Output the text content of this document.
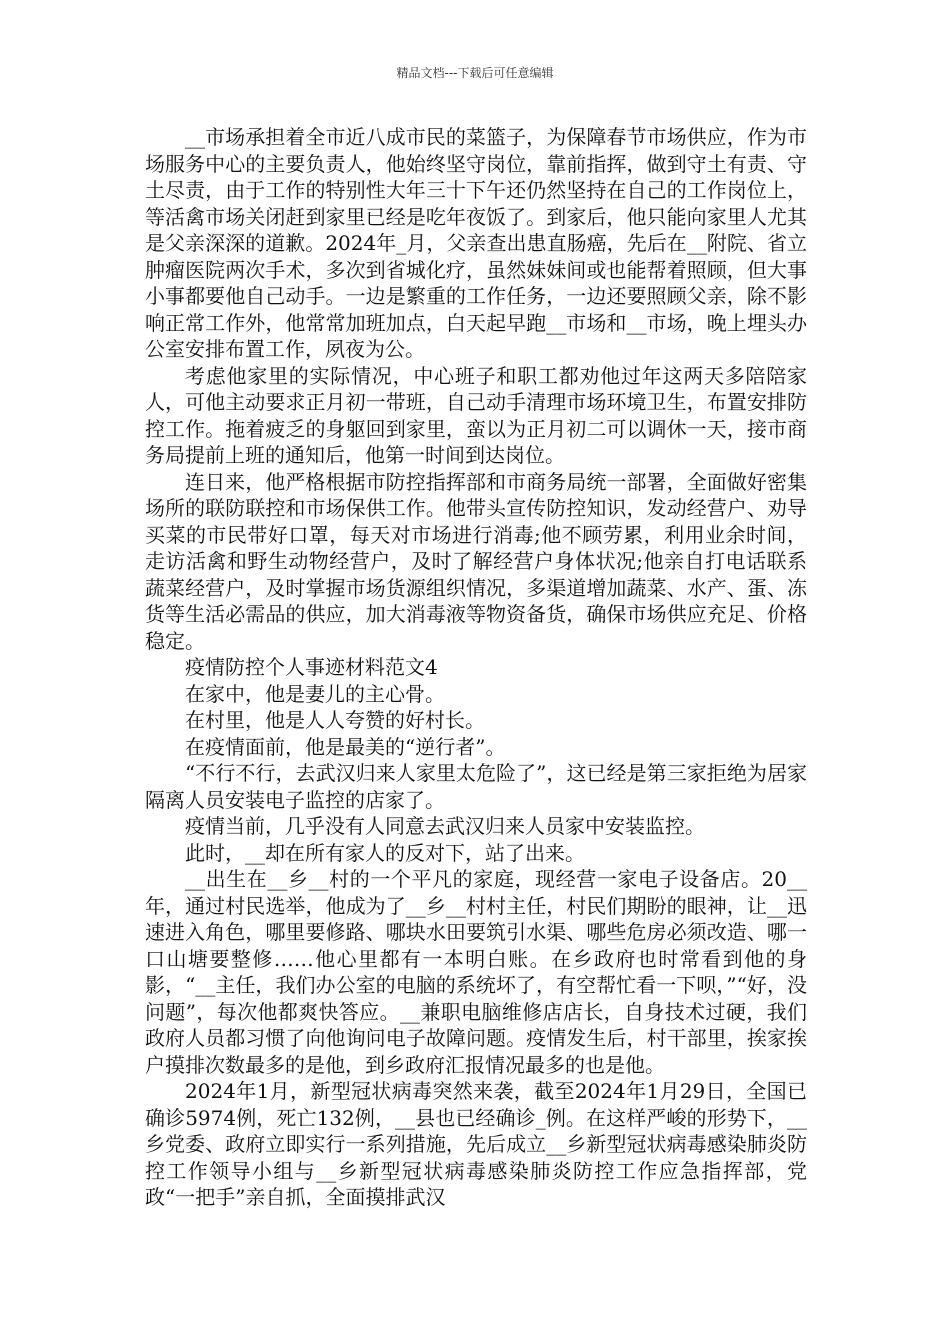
精品文档---下载后可任意编辑

__市场承担着全市近八成市民的菜篮子，为保障春节市场供应，作为市场服务中心的主要负责人，他始终坚守岗位，靠前指挥，做到守土有责、守土尽责，由于工作的特别性大年三十下午还仍然坚持在自己的工作岗位上，等活禽市场关闭赶到家里已经是吃年夜饭了。到家后，他只能向家里人尤其是父亲深深的道歉。2024年_月，父亲查出患直肠癌，先后在__附院、省立肿瘤医院两次手术，多次到省城化疗，虽然妹妹间或也能帮着照顾，但大事小事都要他自己动手。一边是繁重的工作任务，一边还要照顾父亲，除不影响正常工作外，他常常加班加点，白天起早跑__市场和__市场，晚上埋头办公室安排布置工作，夙夜为公。

考虑他家里的实际情况，中心班子和职工都劝他过年这两天多陪陪家人，可他主动要求正月初一带班，自己动手清理市场环境卫生，布置安排防控工作。拖着疲乏的身躯回到家里，蛮以为正月初二可以调休一天，接市商务局提前上班的通知后，他第一时间到达岗位。

连日来，他严格根据市防控指挥部和市商务局统一部署，全面做好密集场所的联防联控和市场保供工作。他带头宣传防控知识，发动经营户、劝导买菜的市民带好口罩，每天对市场进行消毒;他不顾劳累，利用业余时间，走访活禽和野生动物经营户，及时了解经营户身体状况;他亲自打电话联系蔬菜经营户，及时掌握市场货源组织情况，多渠道增加蔬菜、水产、蛋、冻货等生活必需品的供应，加大消毒液等物资备货，确保市场供应充足、价格稳定。

疫情防控个人事迹材料范文4

在家中，他是妻儿的主心骨。

在村里，他是人人夸赞的好村长。

在疫情面前，他是最美的“逆行者”。

“不行不行，去武汉归来人家里太危险了”，这已经是第三家拒绝为居家隔离人员安装电子监控的店家了。

疫情当前，几乎没有人同意去武汉归来人员家中安装监控。

此时，__却在所有家人的反对下，站了出来。

__出生在__乡__村的一个平凡的家庭，现经营一家电子设备店。20__年，通过村民选举，他成为了__乡__村村主任，村民们期盼的眼神，让__迅速进入角色，哪里要修路、哪块水田要筑引水渠、哪些危房必须改造、哪一口山塘要整修……他心里都有一本明白账。在乡政府也时常看到他的身影，“__主任，我们办公室的电脑的系统坏了，有空帮忙看一下呗，”“好，没问题”，每次他都爽快答应。__兼职电脑维修店店长，自身技术过硬，我们政府人员都习惯了向他询问电子故障问题。疫情发生后，村干部里，挨家挨户摸排次数最多的是他，到乡政府汇报情况最多的也是他。

2024年1月，新型冠状病毒突然来袭，截至2024年1月29日，全国已确诊5974例，死亡132例，__县也已经确诊_例。在这样严峻的形势下，__乡党委、政府立即实行一系列措施，先后成立__乡新型冠状病毒感染肺炎防控工作领导小组与__乡新型冠状病毒感染肺炎防控工作应急指挥部，党政“一把手”亲自抓，全面摸排武汉
